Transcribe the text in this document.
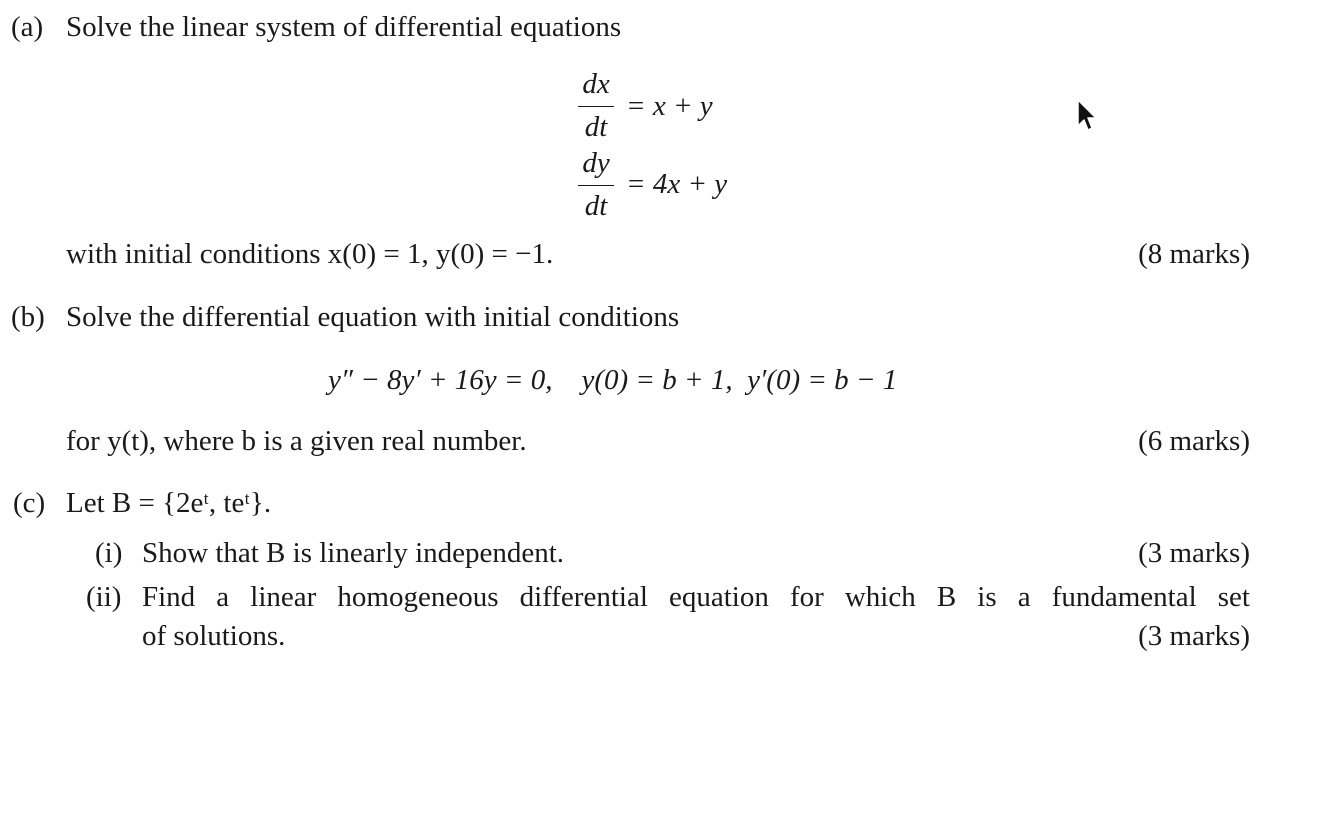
(a) Solve the linear system of differential equations
dx
dt
= x + y
dy
dt
= 4x + y
with initial conditions x(0) = 1, y(0) = −1.	(8 marks)
(b) Solve the differential equation with initial conditions
y″ − 8y′ + 16y = 0,    y(0) = b + 1,  y′(0) = b − 1
for y(t), where b is a given real number.	(6 marks)
(c) Let B = {2eᵗ, teᵗ}.
(i) Show that B is linearly independent.	(3 marks)
(ii) Find a linear homogeneous differential equation for which B is a fundamental set
of solutions.	(3 marks)
